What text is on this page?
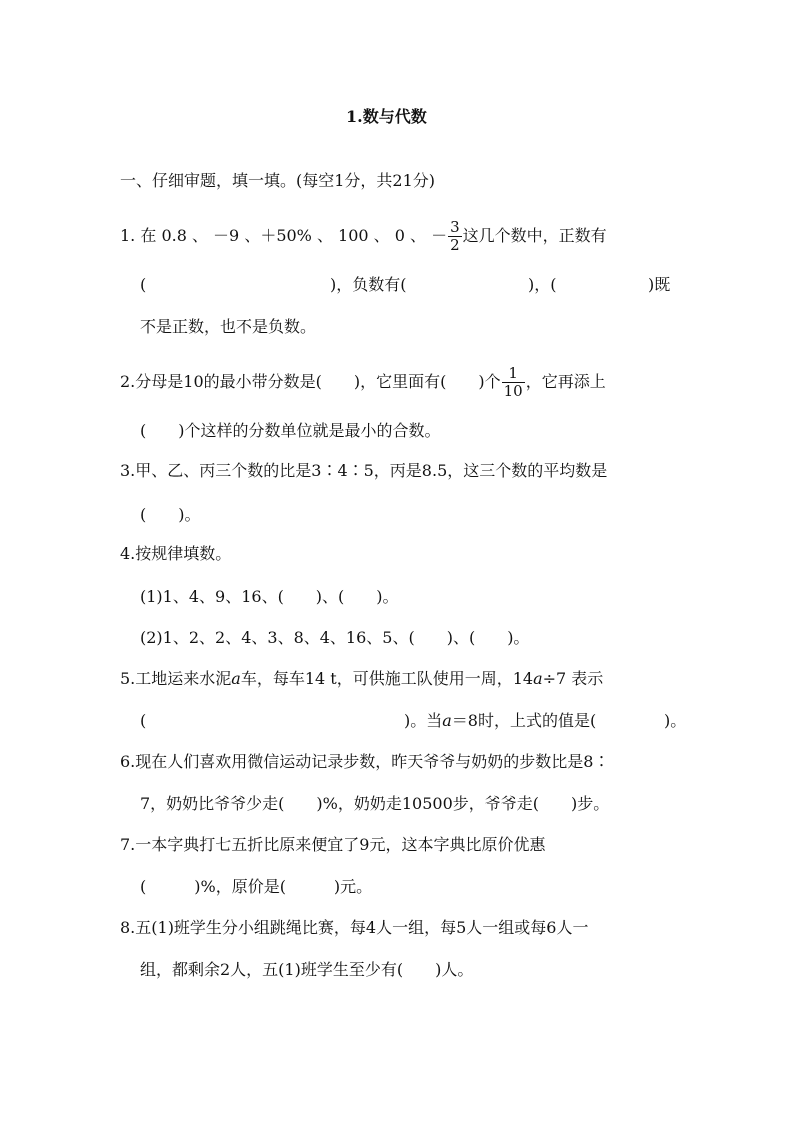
1.数与代数
一、仔细审题，填一填。(每空1分，共21分)
1. 在 0.8 、 －9 、＋50% 、 100 、 0 、 － $\frac{3}{2}$ 这几个数中，正数有
(	)，负数有(	)，(	)既
不是正数，也不是负数。
2.分母是10的最小带分数是(　　)，它里面有(　　)个 $\frac{1}{10}$ ，它再添上
(　　)个这样的分数单位就是最小的合数。
3.甲、乙、丙三个数的比是3∶4∶5，丙是8.5，这三个数的平均数是
(　　)。
4.按规律填数。
(1)1、4、9、16、(　　)、(　　)。
(2)1、2、2、4、3、8、4、16、5、(　　)、(　　)。
5.工地运来水泥a车，每车14 t，可供施工队使用一周，14a÷7 表示
(	)。当a＝8时，上式的值是(	)。
6.现在人们喜欢用微信运动记录步数，昨天爷爷与奶奶的步数比是8∶
7，奶奶比爷爷少走(　　)%，奶奶走10500步，爷爷走(　　)步。
7.一本字典打七五折比原来便宜了9元，这本字典比原价优惠
(　　　)%，原价是(　　　)元。
8.五(1)班学生分小组跳绳比赛，每4人一组，每5人一组或每6人一
组，都剩余2人，五(1)班学生至少有(　　)人。
